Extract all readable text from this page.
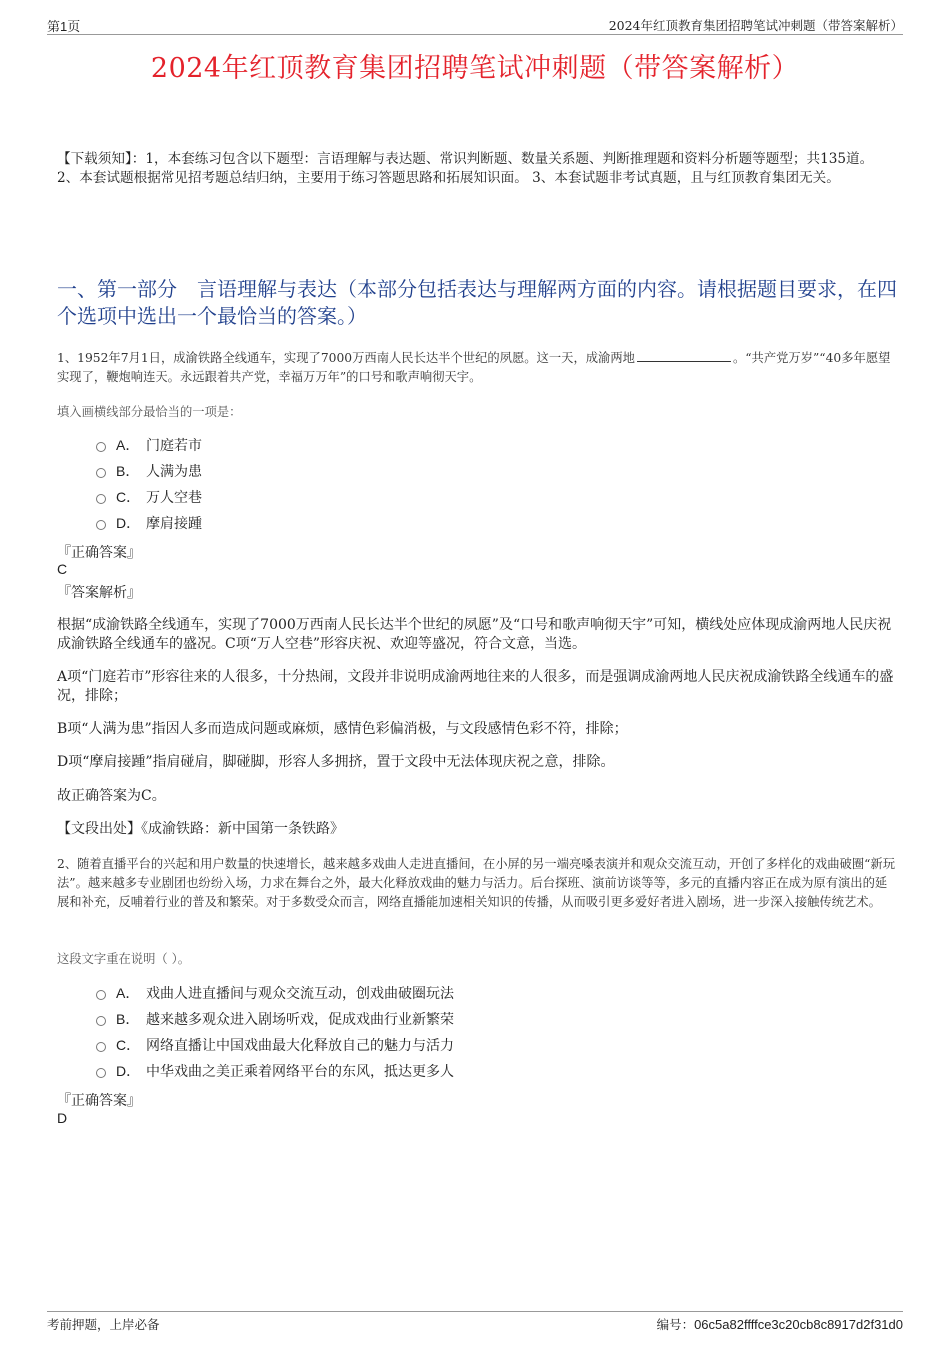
第1页	2024年红顶教育集团招聘笔试冲刺题（带答案解析）
2024年红顶教育集团招聘笔试冲刺题（带答案解析）
【下载须知】：1，本套练习包含以下题型：言语理解与表达题、常识判断题、数量关系题、判断推理题和资料分析题等题型；共135道。 2、本套试题根据常见招考题总结归纳，主要用于练习答题思路和拓展知识面。 3、本套试题非考试真题，且与红顶教育集团无关。
一、第一部分　言语理解与表达（本部分包括表达与理解两方面的内容。请根据题目要求，在四个选项中选出一个最恰当的答案。）
1、1952年7月1日，成渝铁路全线通车，实现了7000万西南人民长达半个世纪的夙愿。这一天，成渝两地	。“共产党万岁”“40多年愿望实现了，鞭炮响连天。永远跟着共产党，幸福万万年”的口号和歌声响彻天宇。
填入画横线部分最恰当的一项是：
A． 门庭若市
B． 人满为患
C． 万人空巷
D． 摩肩接踵
『正确答案』
C
『答案解析』
根据“成渝铁路全线通车，实现了7000万西南人民长达半个世纪的夙愿”及“口号和歌声响彻天宇”可知，横线处应体现成渝两地人民庆祝成渝铁路全线通车的盛况。C项“万人空巷”形容庆祝、欢迎等盛况，符合文意，当选。
A项“门庭若市”形容往来的人很多，十分热闹，文段并非说明成渝两地往来的人很多，而是强调成渝两地人民庆祝成渝铁路全线通车的盛况，排除；
B项“人满为患”指因人多而造成问题或麻烦，感情色彩偏消极，与文段感情色彩不符，排除；
D项“摩肩接踵”指肩碰肩，脚碰脚，形容人多拥挤，置于文段中无法体现庆祝之意，排除。
故正确答案为C。
【文段出处】《成渝铁路：新中国第一条铁路》
2、随着直播平台的兴起和用户数量的快速增长，越来越多戏曲人走进直播间，在小屏的另一端亮嗓表演并和观众交流互动，开创了多样化的戏曲破圈“新玩法”。越来越多专业剧团也纷纷入场，力求在舞台之外，最大化释放戏曲的魅力与活力。后台探班、演前访谈等等，多元的直播内容正在成为原有演出的延展和补充，反哺着行业的普及和繁荣。对于多数受众而言，网络直播能加速相关知识的传播，从而吸引更多爱好者进入剧场，进一步深入接触传统艺术。
这段文字重在说明（ ）。
A． 戏曲人进直播间与观众交流互动，创戏曲破圈玩法
B． 越来越多观众进入剧场听戏，促成戏曲行业新繁荣
C． 网络直播让中国戏曲最大化释放自己的魅力与活力
D． 中华戏曲之美正乘着网络平台的东风，抵达更多人
『正确答案』
D
考前押题，上岸必备	编号：06c5a82ffffce3c20cb8c8917d2f31d0
